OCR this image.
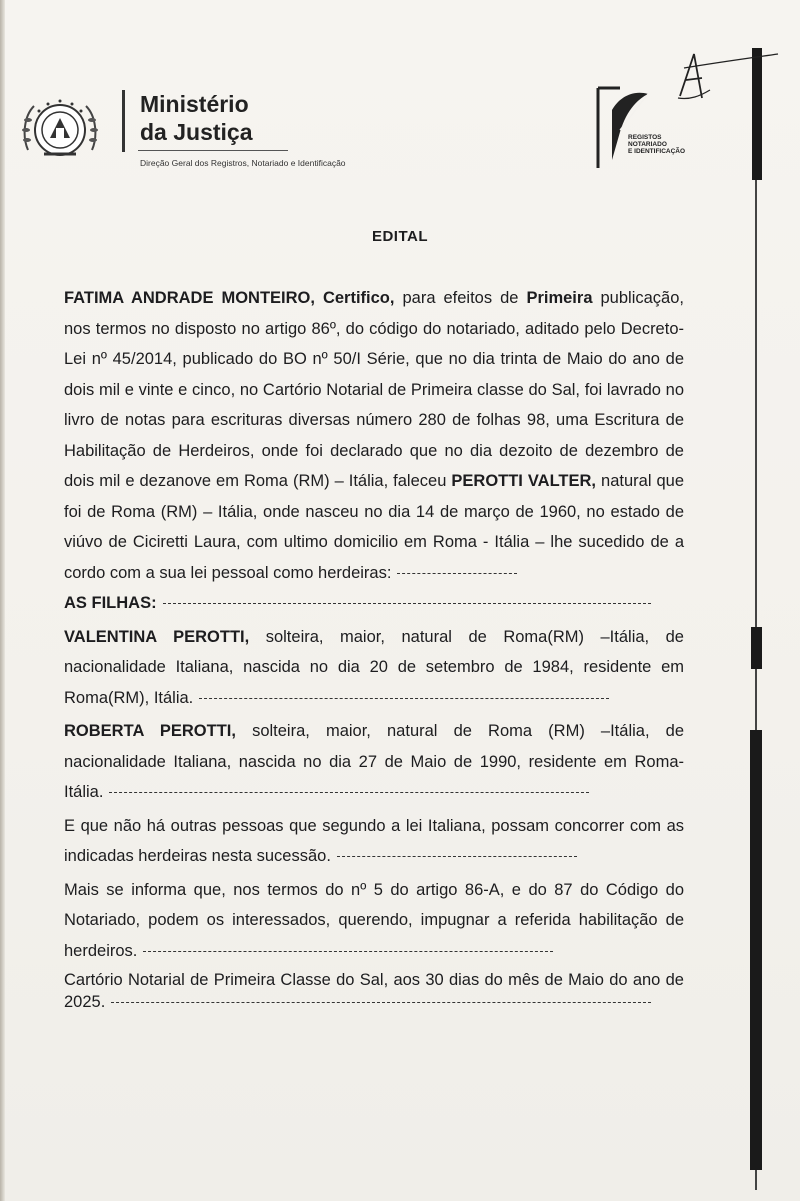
Ministério
da Justiça
Direção Geral dos Registros, Notariado e Identificação
REGISTOS
NOTARIADO
E IDENTIFICAÇÃO
EDITAL

FATIMA ANDRADE MONTEIRO, Certifico, para efeitos de Primeira publicação, nos termos no disposto no artigo 86º, do código do notariado, aditado pelo Decreto-Lei nº 45/2014, publicado do BO nº 50/I Série, que no dia trinta de Maio do ano de dois mil e vinte e cinco, no Cartório Notarial de Primeira classe do Sal, foi lavrado no livro de notas para escrituras diversas número 280 de folhas 98, uma Escritura de Habilitação de Herdeiros, onde foi declarado que no dia dezoito de dezembro de dois mil e dezanove em Roma (RM) – Itália, faleceu PEROTTI VALTER, natural que foi de Roma (RM) – Itália, onde nasceu no dia 14 de março de 1960, no estado de viúvo de Ciciretti Laura, com ultimo domicilio em Roma - Itália – lhe sucedido de a cordo com a sua lei pessoal como herdeiras:

AS FILHAS:

VALENTINA PEROTTI, solteira, maior, natural de Roma(RM) –Itália, de nacionalidade Italiana, nascida no dia 20 de setembro de 1984, residente em Roma(RM), Itália.

ROBERTA PEROTTI, solteira, maior, natural de Roma (RM) –Itália, de nacionalidade Italiana, nascida no dia 27 de Maio de 1990, residente em Roma-Itália.

E que não há outras pessoas que segundo a lei Italiana, possam concorrer com as indicadas herdeiras nesta sucessão.

Mais se informa que, nos termos do nº 5 do artigo 86-A, e do 87 do Código do Notariado, podem os interessados, querendo, impugnar a referida habilitação de herdeiros.

Cartório Notarial de Primeira Classe do Sal, aos 30 dias do mês de Maio do ano de 2025.
